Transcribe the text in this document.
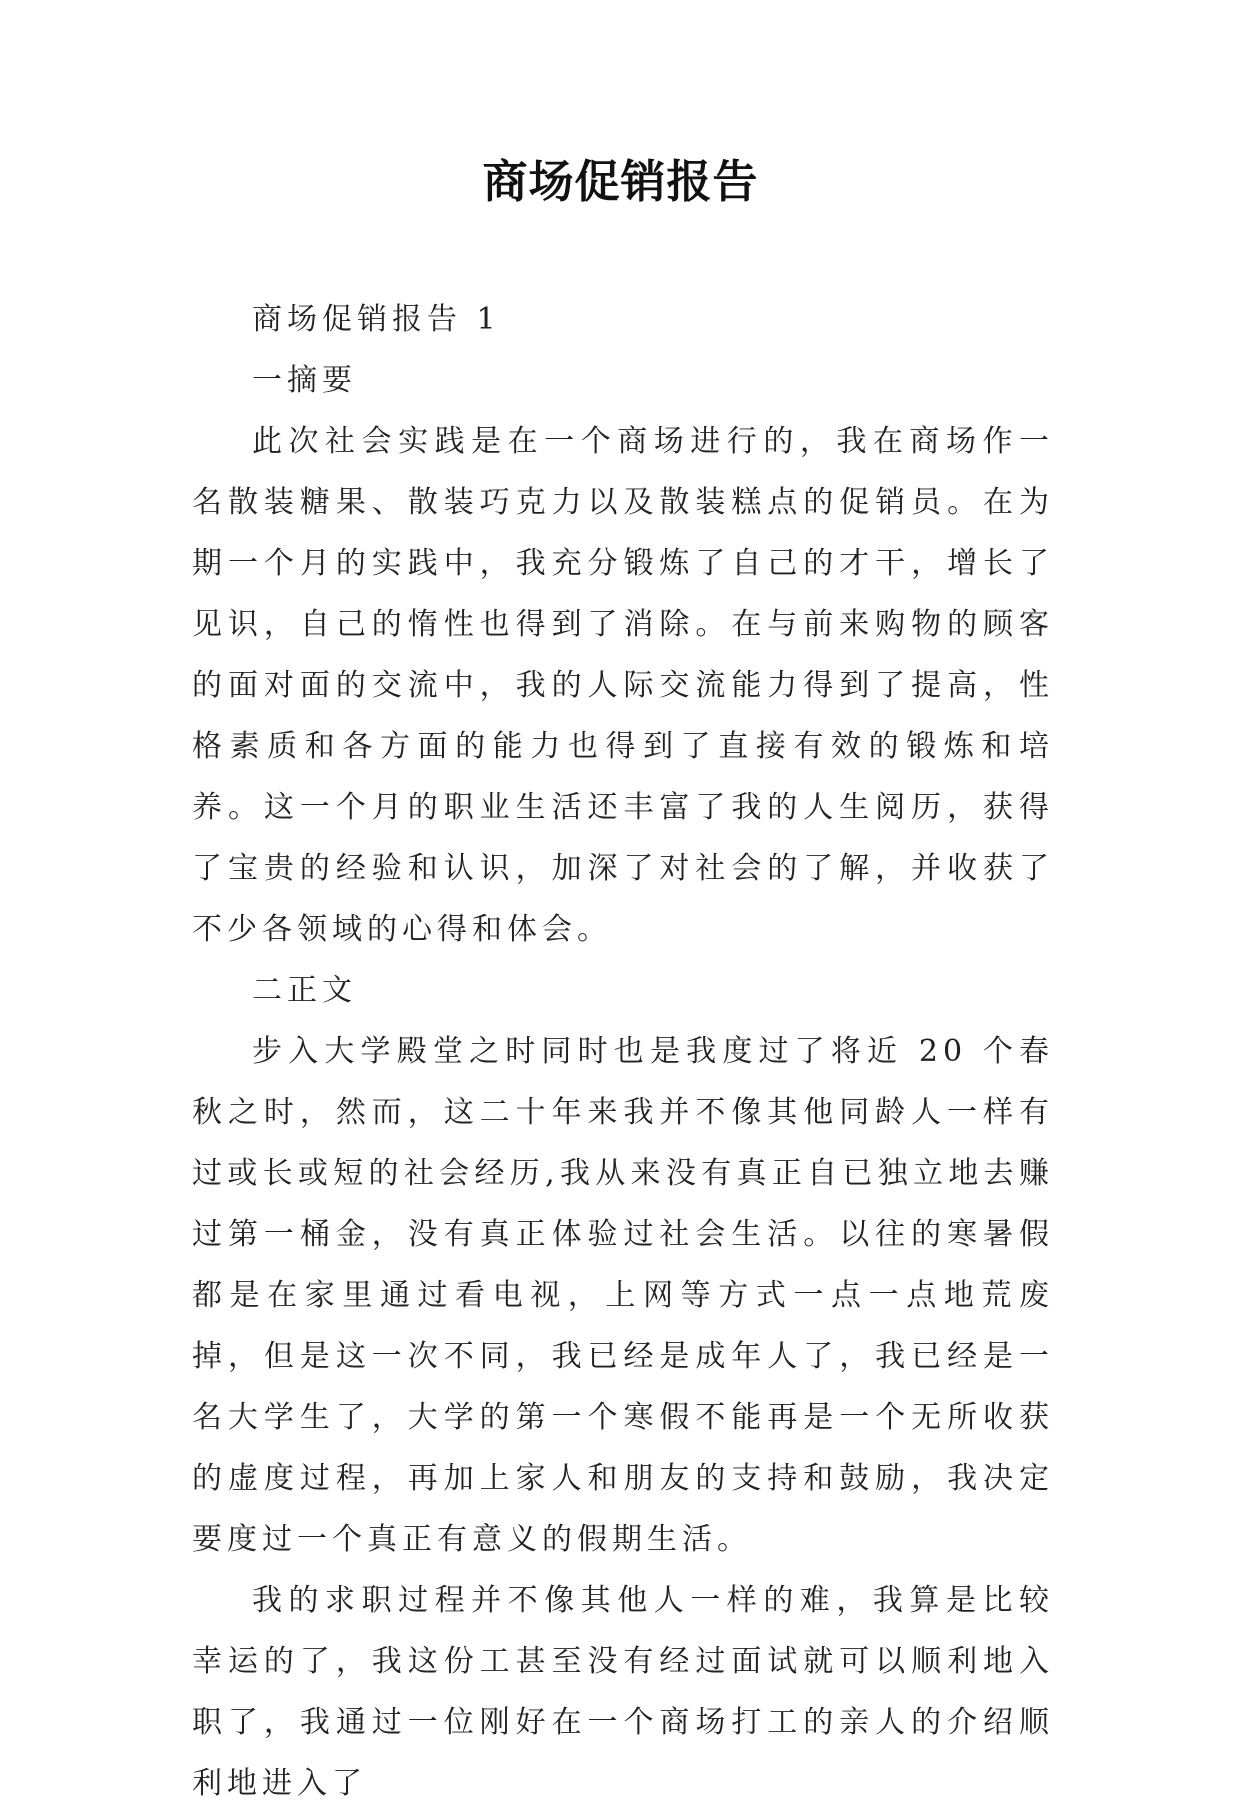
商场促销报告

商场促销报告 1

一摘要

此次社会实践是在一个商场进行的，我在商场作一名散装糖果、散装巧克力以及散装糕点的促销员。在为期一个月的实践中，我充分锻炼了自己的才干，增长了见识，自己的惰性也得到了消除。在与前来购物的顾客的面对面的交流中，我的人际交流能力得到了提高，性格素质和各方面的能力也得到了直接有效的锻炼和培养。这一个月的职业生活还丰富了我的人生阅历，获得了宝贵的经验和认识，加深了对社会的了解，并收获了不少各领域的心得和体会。

二正文

步入大学殿堂之时同时也是我度过了将近 20 个春秋之时，然而，这二十年来我并不像其他同龄人一样有过或长或短的社会经历,我从来没有真正自已独立地去赚过第一桶金，没有真正体验过社会生活。以往的寒暑假都是在家里通过看电视，上网等方式一点一点地荒废掉，但是这一次不同，我已经是成年人了，我已经是一名大学生了，大学的第一个寒假不能再是一个无所收获的虚度过程，再加上家人和朋友的支持和鼓励，我决定要度过一个真正有意义的假期生活。

我的求职过程并不像其他人一样的难，我算是比较幸运的了，我这份工甚至没有经过面试就可以顺利地入职了，我通过一位刚好在一个商场打工的亲人的介绍顺利地进入了
